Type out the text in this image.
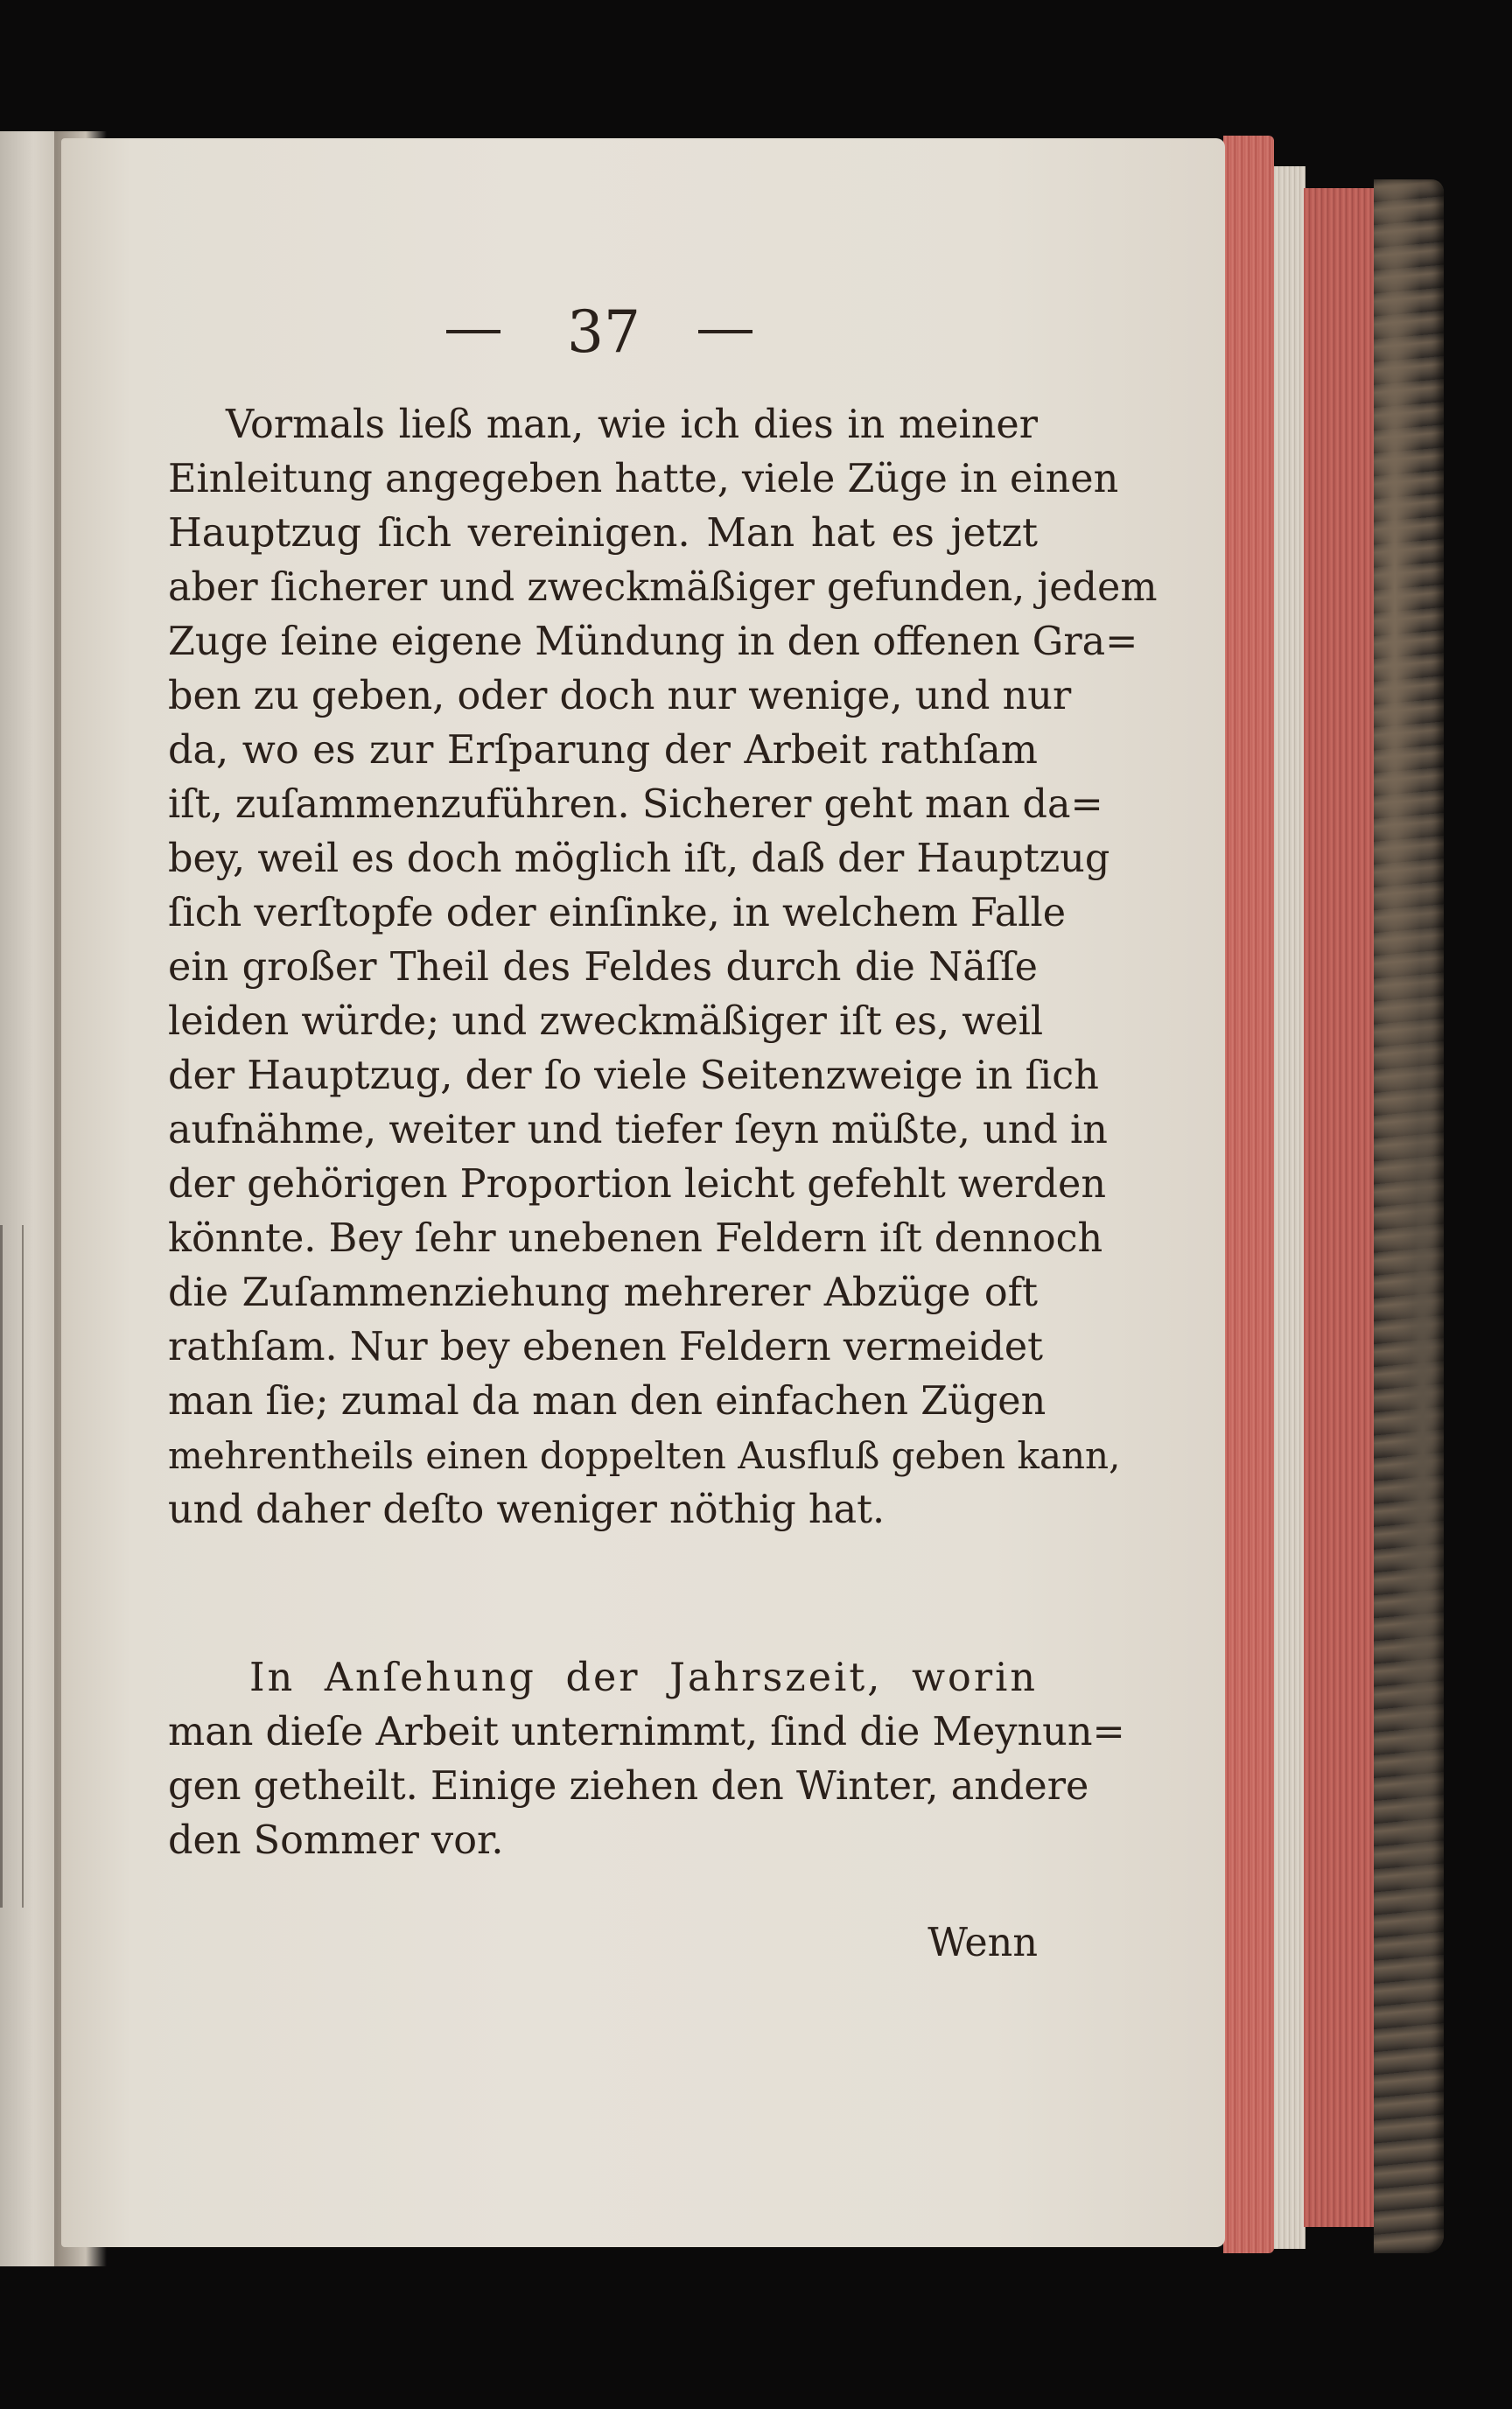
37
Vormals ließ man, wie ich dies in meiner
Einleitung angegeben hatte, viele Züge in einen
Hauptzug ſich vereinigen. Man hat es jetzt
aber ſicherer und zweckmäßiger gefunden, jedem
Zuge ſeine eigene Mündung in den offenen Gra=
ben zu geben, oder doch nur wenige, und nur
da, wo es zur Erſparung der Arbeit rathſam
iſt, zuſammenzuführen. Sicherer geht man da=
bey, weil es doch möglich iſt, daß der Hauptzug
ſich verſtopfe oder einſinke, in welchem Falle
ein großer Theil des Feldes durch die Näſſe
leiden würde; und zweckmäßiger iſt es, weil
der Hauptzug, der ſo viele Seitenzweige in ſich
aufnähme, weiter und tiefer ſeyn müßte, und in
der gehörigen Proportion leicht gefehlt werden
könnte. Bey ſehr unebenen Feldern iſt dennoch
die Zuſammenziehung mehrerer Abzüge oft
rathſam. Nur bey ebenen Feldern vermeidet
man ſie; zumal da man den einfachen Zügen
mehrentheils einen doppelten Ausfluß geben kann,
und daher deſto weniger nöthig hat.
In Anſehung der Jahrszeit, worin
man dieſe Arbeit unternimmt, ſind die Meynun=
gen getheilt. Einige ziehen den Winter, andere
den Sommer vor.
Wenn
